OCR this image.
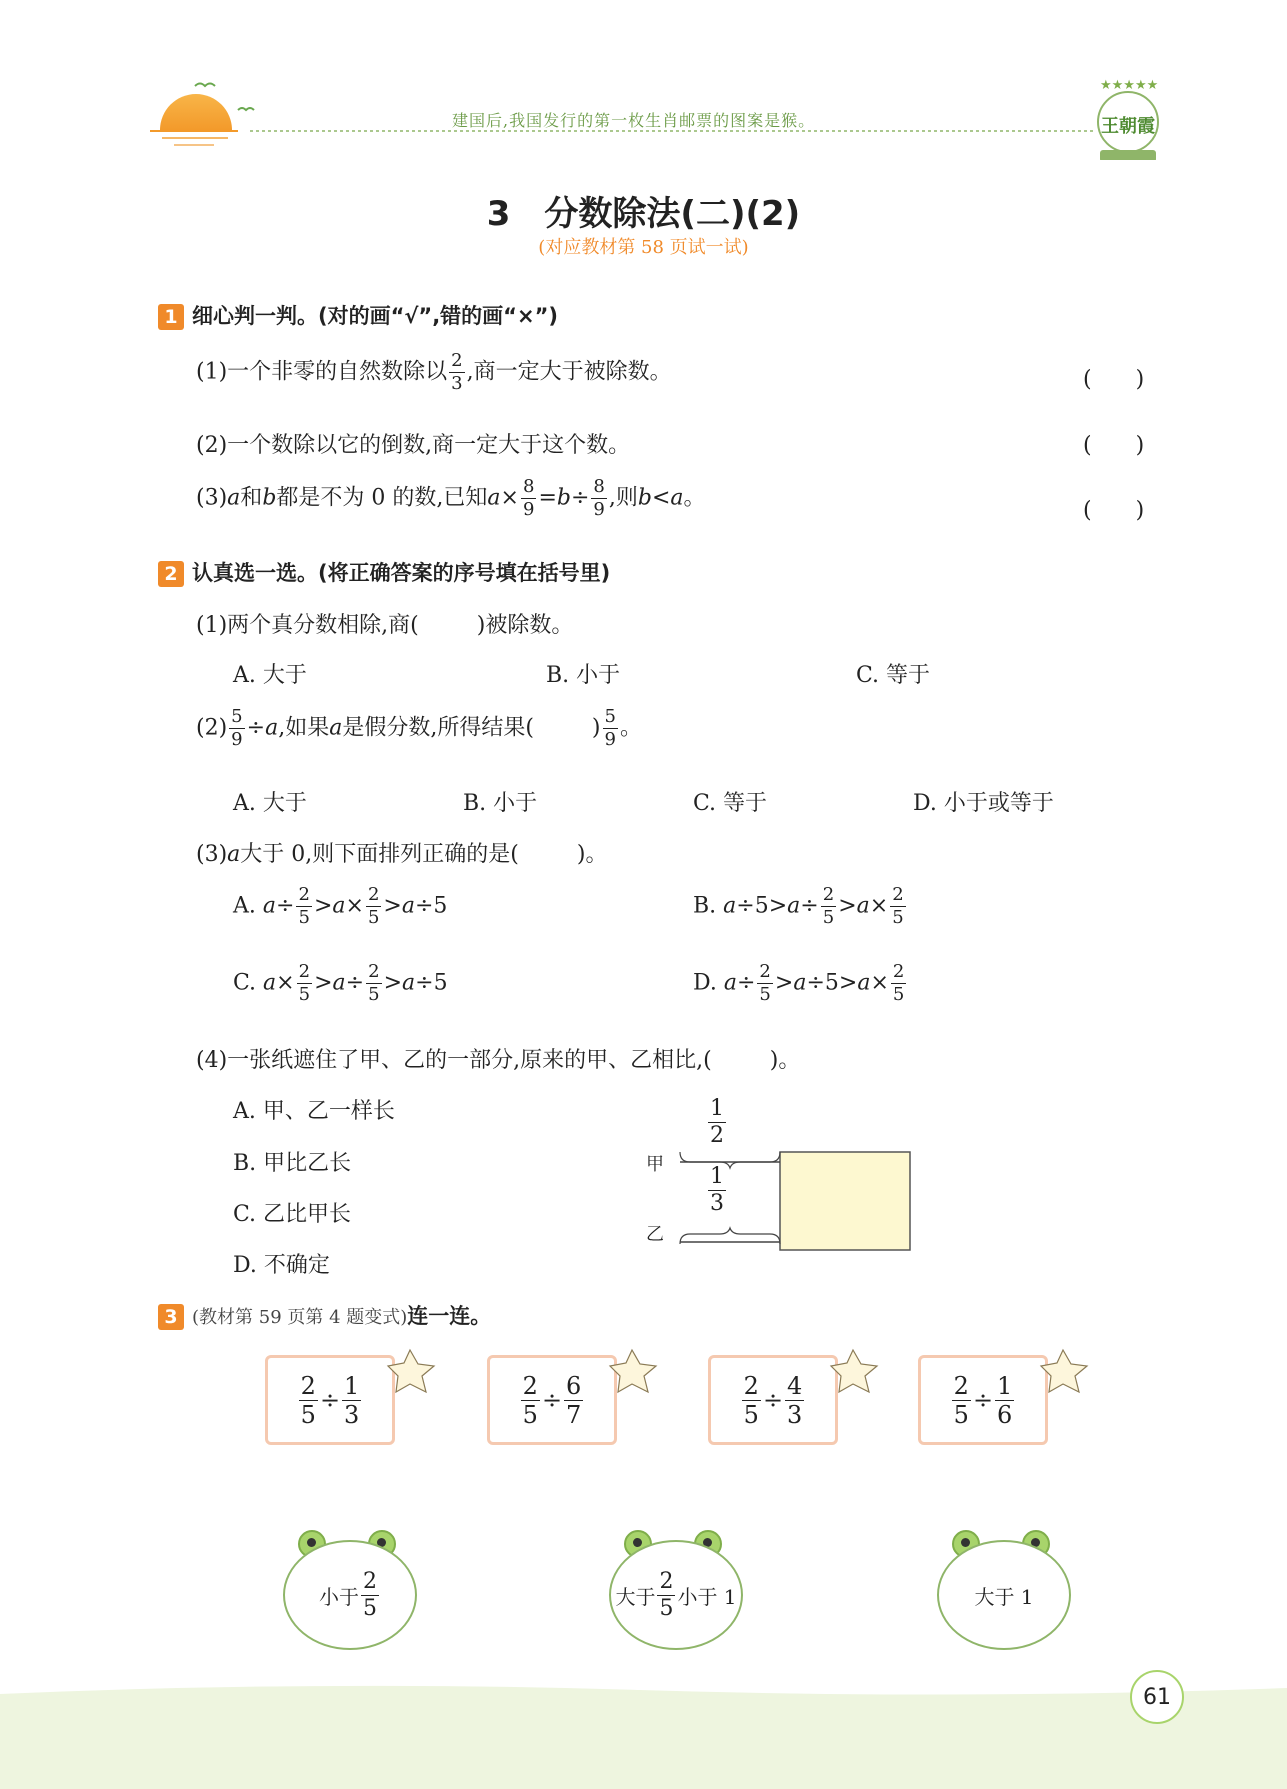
★★★★★
王朝霞
建国后,我国发行的第一枚生肖邮票的图案是猴。
3　分数除法(二)(2)
(对应教材第 58 页试一试)
1 细心判一判。(对的画“√”,错的画“×”)
(1)一个非零的自然数除以 $\frac{2}{3}$ ,商一定大于被除数。	(　　)
(2)一个数除以它的倒数,商一定大于这个数。	(　　)
(3)a和b都是不为 0 的数,已知$a\times \frac{8}{9} =b\div \frac{8}{9}$ ,则b<a。	(　　)
2 认真选一选。(将正确答案的序号填在括号里)
(1)两个真分数相除,商(	)被除数。
A. 大于	B. 小于	C. 等于
$(2) \frac{5}{9} \div a$,如果a是假分数,所得结果(	) $\frac{5}{9}$ 。
A. 大于	B. 小于	C. 等于	D. 小于或等于
(3)a大于 0,则下面排列正确的是(	)。
A. $a\div \frac{2}{5} >a\times \frac{2}{5} >a\div 5$	B. $a\div 5>a\div \frac{2}{5} >a\times \frac{2}{5}$
C. $a\times \frac{2}{5} >a\div \frac{2}{5} >a\div 5$	D. $a\div \frac{2}{5} >a\div 5>a\times \frac{2}{5}$
(4)一张纸遮住了甲、乙的一部分,原来的甲、乙相比,(	)。
A. 甲、乙一样长
B. 甲比乙长
C. 乙比甲长
D. 不确定
甲
乙
$\frac{1}{2}$
$\frac{1}{3}$
3 (教材第 59 页第 4 题变式)连一连。
$\frac{2}{5} \div \frac{1}{3}$	$\frac{2}{5} \div \frac{6}{7}$	$\frac{2}{5} \div \frac{4}{3}$	$\frac{2}{5} \div \frac{1}{6}$
小于 $\frac{2}{5}$	大于 $\frac{2}{5}$ 小于 1	大于 1
61
